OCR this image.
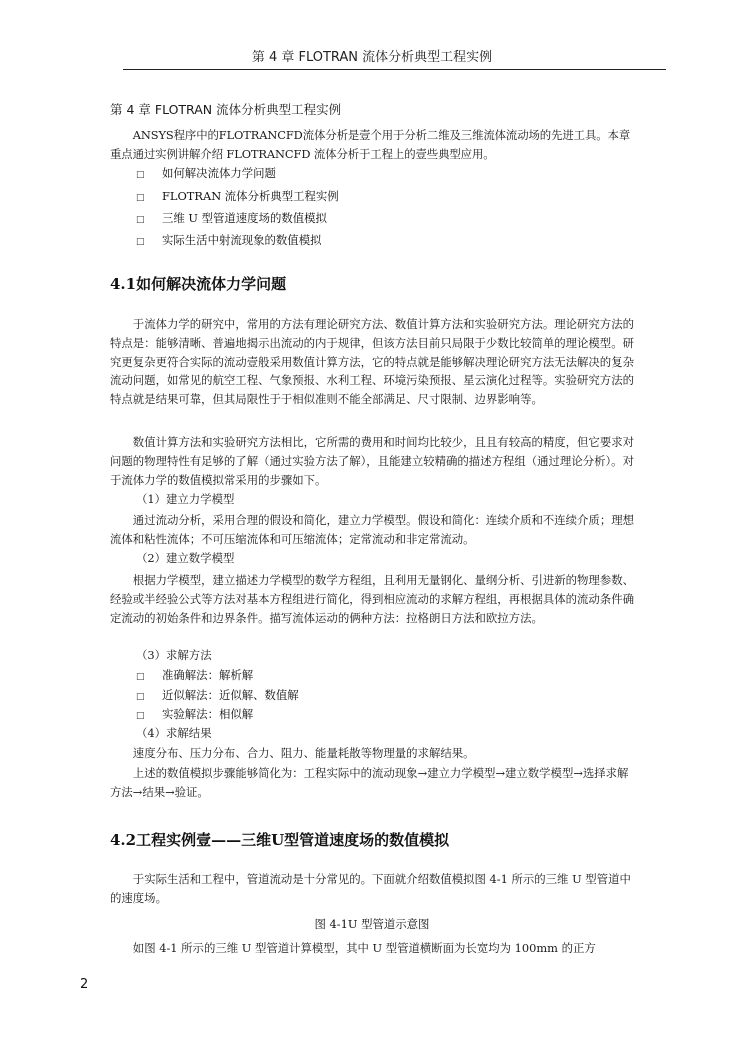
第 4 章 FLOTRAN 流体分析典型工程实例
第 4 章 FLOTRAN 流体分析典型工程实例
ANSYS程序中的FLOTRANCFD流体分析是壹个用于分析二维及三维流体流动场的先进工具。本章重点通过实例讲解介绍 FLOTRANCFD 流体分析于工程上的壹些典型应用。
□ 如何解决流体力学问题
□ FLOTRAN 流体分析典型工程实例
□ 三维 U 型管道速度场的数值模拟
□ 实际生活中射流现象的数值模拟
4.1如何解决流体力学问题
于流体力学的研究中，常用的方法有理论研究方法、数值计算方法和实验研究方法。理论研究方法的特点是：能够清晰、普遍地揭示出流动的内于规律，但该方法目前只局限于少数比较简单的理论模型。研究更复杂更符合实际的流动壹般采用数值计算方法，它的特点就是能够解决理论研究方法无法解决的复杂流动问题，如常见的航空工程、气象预报、水利工程、环境污染预报、星云演化过程等。实验研究方法的特点就是结果可靠，但其局限性于于相似准则不能全部满足、尺寸限制、边界影响等。
数值计算方法和实验研究方法相比，它所需的费用和时间均比较少，且且有较高的精度，但它要求对问题的物理特性有足够的了解（通过实验方法了解），且能建立较精确的描述方程组（通过理论分析）。对于流体力学的数值模拟常采用的步骤如下。
（1）建立力学模型
通过流动分析，采用合理的假设和简化，建立力学模型。假设和简化：连续介质和不连续介质；理想流体和粘性流体；不可压缩流体和可压缩流体；定常流动和非定常流动。
（2）建立数学模型
根据力学模型，建立描述力学模型的数学方程组，且利用无量钢化、量纲分析、引进新的物理参数、经验或半经验公式等方法对基本方程组进行简化，得到相应流动的求解方程组，再根据具体的流动条件确定流动的初始条件和边界条件。描写流体运动的俩种方法：拉格朗日方法和欧拉方法。
（3）求解方法
□ 准确解法：解析解
□ 近似解法：近似解、数值解
□ 实验解法：相似解
（4）求解结果
速度分布、压力分布、合力、阻力、能量耗散等物理量的求解结果。
上述的数值模拟步骤能够简化为：工程实际中的流动现象→建立力学模型→建立数学模型→选择求解方法→结果→验证。
4.2工程实例壹——三维U型管道速度场的数值模拟
于实际生活和工程中，管道流动是十分常见的。下面就介绍数值模拟图 4-1 所示的三维 U 型管道中的速度场。
图 4-1U 型管道示意图
如图 4-1 所示的三维 U 型管道计算模型，其中 U 型管道横断面为长宽均为 100mm 的正方
2
